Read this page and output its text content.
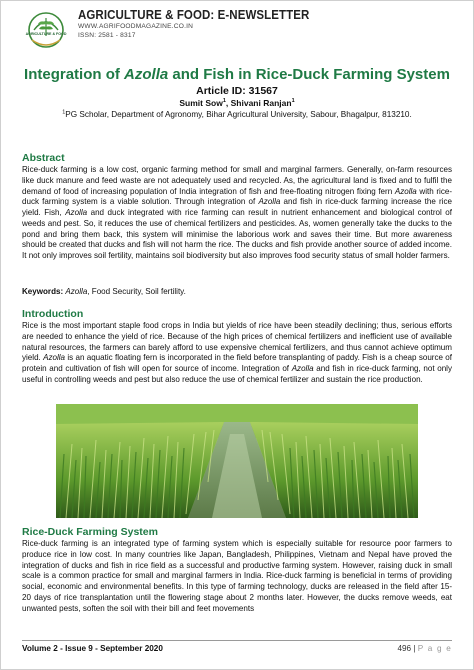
AGRICULTURE & FOOD
AGRICULTURE & FOOD: E-NEWSLETTER
WWW.AGRIFOODMAGAZINE.CO.IN
ISSN: 2581 - 8317
Integration of Azolla and Fish in Rice-Duck Farming System
Article ID: 31567
Sumit Sow$^1$, Shivani Ranjan$^1$
$^1$PG Scholar, Department of Agronomy, Bihar Agricultural University, Sabour, Bhagalpur, 813210.
Abstract
Rice-duck farming is a low cost, organic farming method for small and marginal farmers. Generally, on-farm resources like duck manure and feed waste are not adequately used and recycled. As, the agricultural land is fixed and to fulfil the demand of food of increasing population of India integration of fish and free-floating nitrogen fixing fern Azolla with rice-duck farming system is a viable solution. Through integration of Azolla and fish in rice-duck farming increase the rice yield. Fish, Azolla and duck integrated with rice farming can result in nutrient enhancement and biological control of weeds and pest. So, it reduces the use of chemical fertilizers and pesticides. As, women generally take the ducks to the pond and bring them back, this system will minimise the laborious work and saves their time. But more awareness should be created that ducks and fish will not harm the rice. The ducks and fish provide another source of added income. It not only improves soil fertility, maintains soil biodiversity but also improves food security status of small holder farmers.
Keywords: Azolla, Food Security, Soil fertility.
Introduction
Rice is the most important staple food crops in India but yields of rice have been steadily declining; thus, serious efforts are needed to enhance the yield of rice. Because of the high prices of chemical fertilizers and inefficient use of available natural resources, the farmers can barely afford to use expensive chemical fertilizers, and thus cannot achieve optimum yield. Azolla is an aquatic floating fern is incorporated in the field before transplanting of paddy. Fish is a cheap source of protein and cultivation of fish will open for source of income. Integration of Azolla and fish in rice-duck farming, not only useful in controlling weeds and pest but also reduce the use of chemical fertilizer and sustain the rice production.
Rice-Duck Farming System
Rice-duck farming is an integrated type of farming system which is especially suitable for resource poor farmers to produce rice in low cost. In many countries like Japan, Bangladesh, Philippines, Vietnam and Nepal have proved the integration of ducks and fish in rice field as a successful and productive farming system. However, raising duck in small scale is a common practice for small and marginal farmers in India. Rice-duck farming is beneficial in terms of providing social, economic and environmental benefits. In this type of farming technology, ducks are released in the field after 15-20 days of rice transplantation until the flowering stage about 2 months later. However, the ducks remove weeds, eat unwanted pests, soften the soil with their bill and feet movements
Volume 2 - Issue 9 - September 2020	496 | P a g e
